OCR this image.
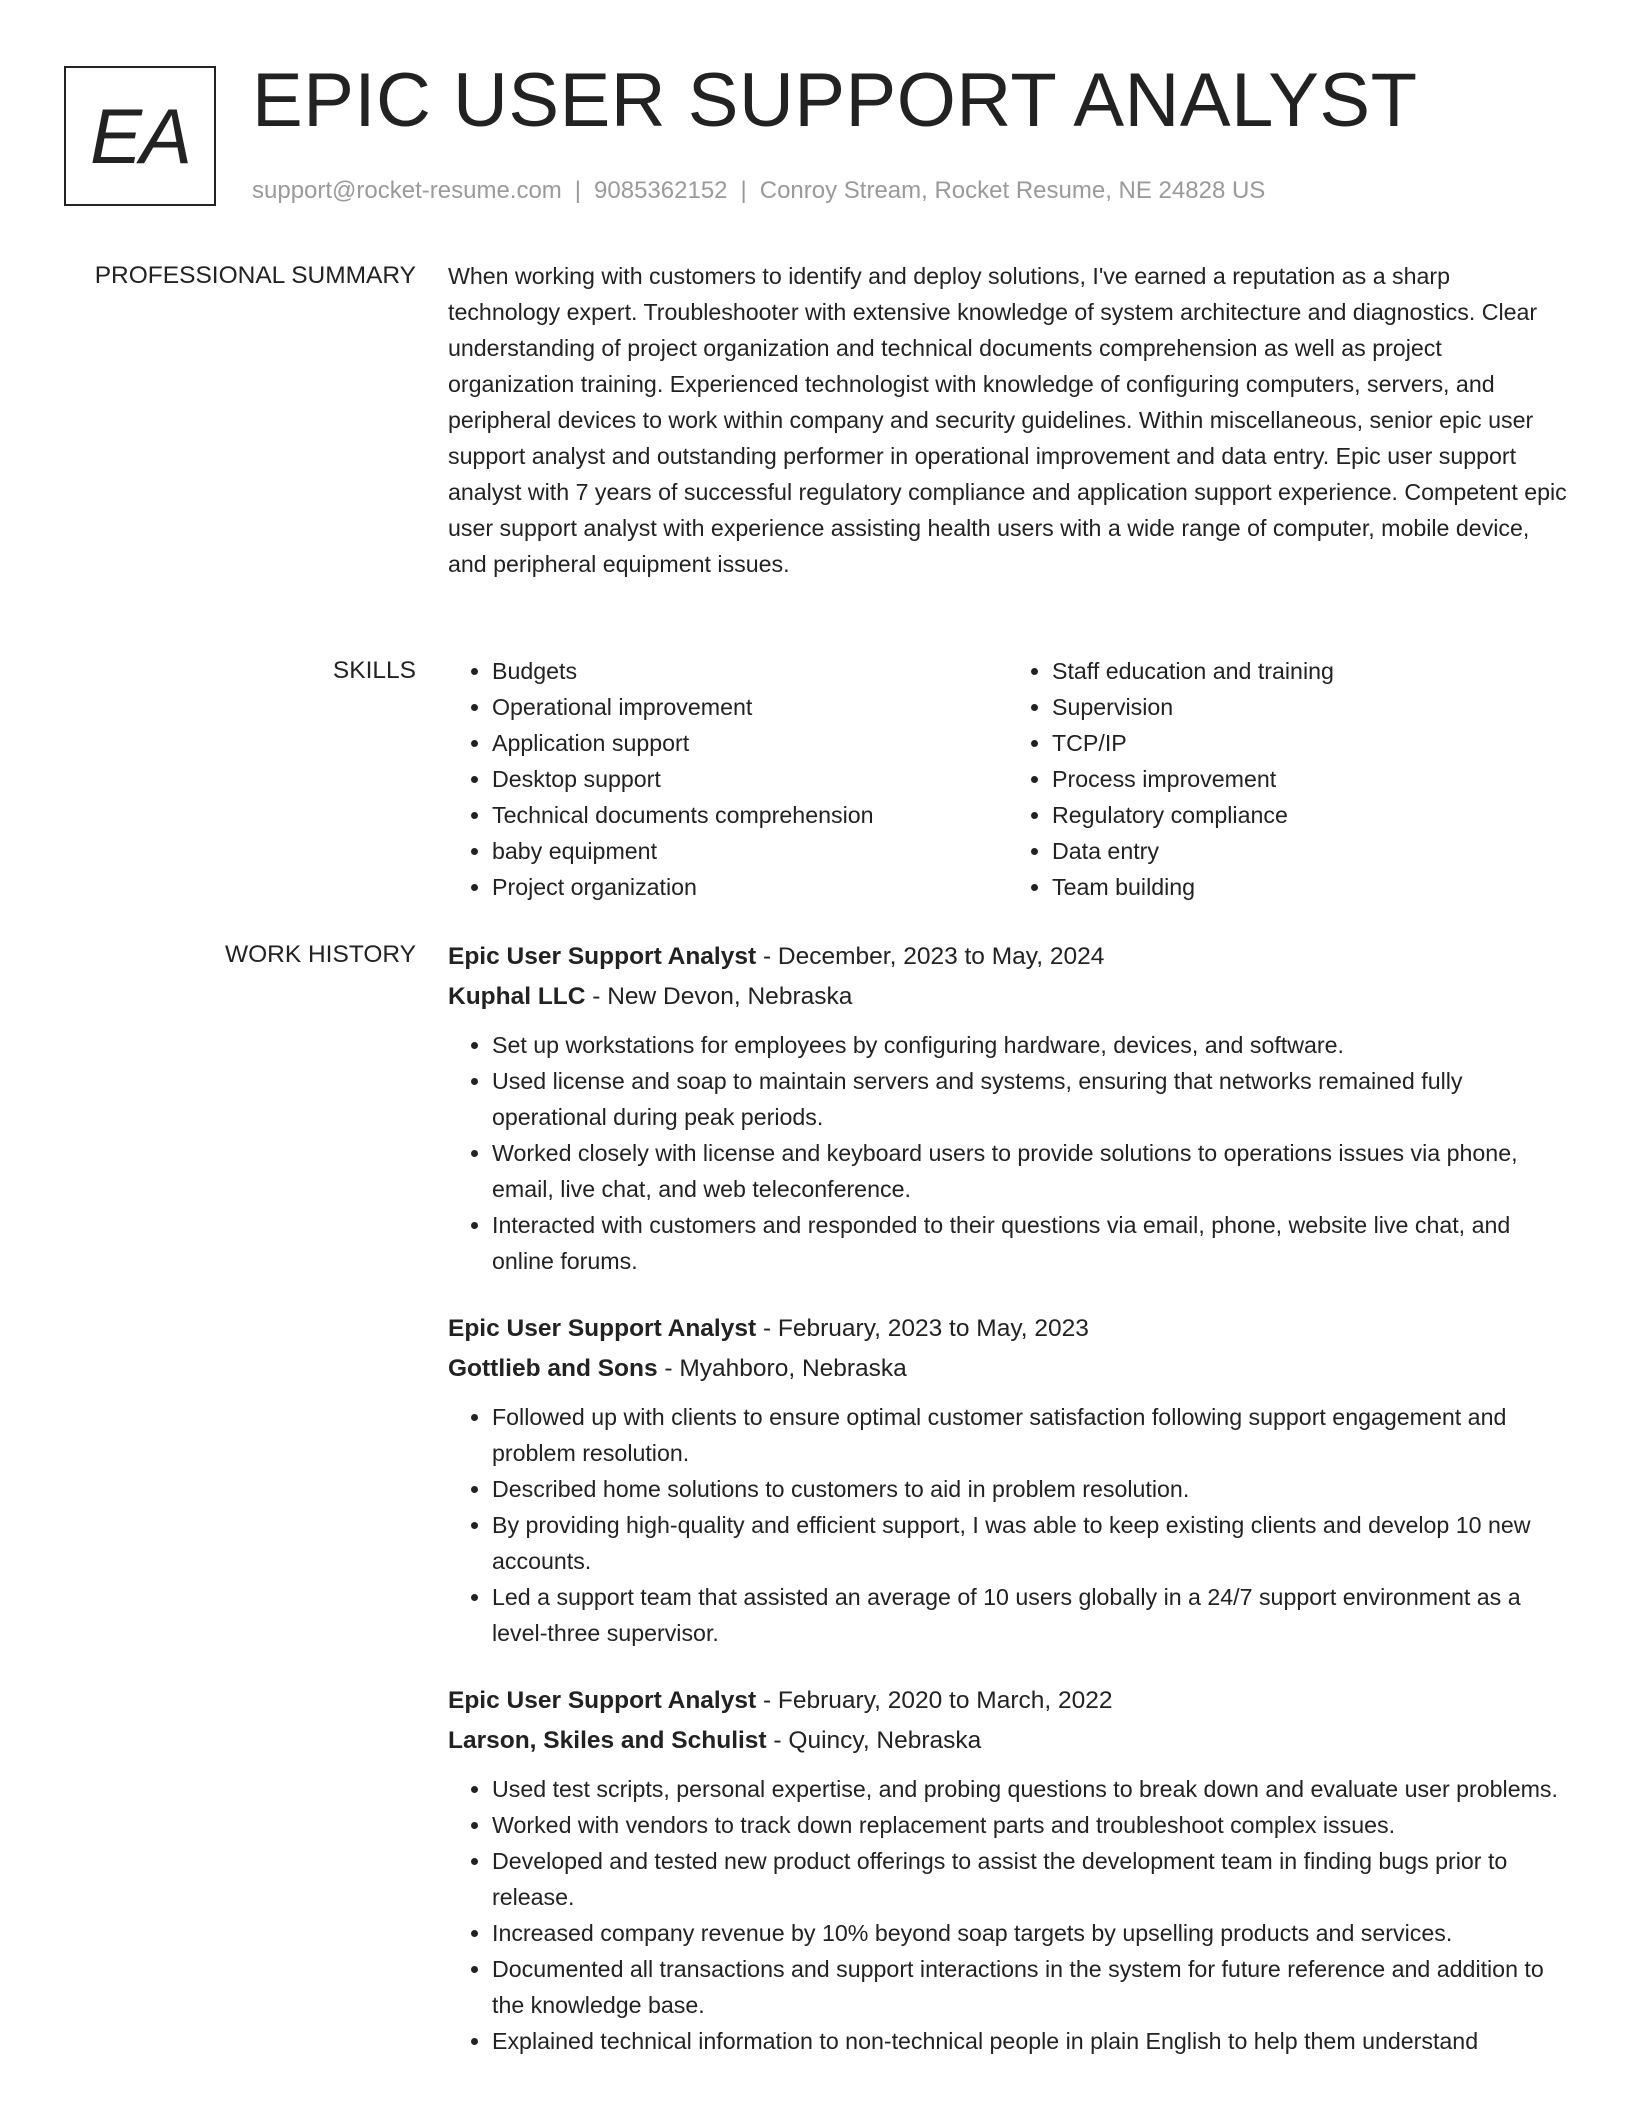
EA EPIC USER SUPPORT ANALYST
support@rocket-resume.com | 9085362152 | Conroy Stream, Rocket Resume, NE 24828 US
PROFESSIONAL SUMMARY When working with customers to identify and deploy solutions, I've earned a reputation as a sharp technology expert. Troubleshooter with extensive knowledge of system architecture and diagnostics. Clear understanding of project organization and technical documents comprehension as well as project organization training. Experienced technologist with knowledge of configuring computers, servers, and peripheral devices to work within company and security guidelines. Within miscellaneous, senior epic user support analyst and outstanding performer in operational improvement and data entry. Epic user support analyst with 7 years of successful regulatory compliance and application support experience. Competent epic user support analyst with experience assisting health users with a wide range of computer, mobile device, and peripheral equipment issues.

SKILLS
•	Budgets
• Operational improvement
• Application support
• Desktop support
• Technical documents comprehension
• baby equipment
• Project organization
• Staff education and training
• Supervision
• TCP/IP
• Process improvement
• Regulatory compliance
• Data entry
• Team building
WORK HISTORY Epic User Support Analyst - December, 2023 to May, 2024
Kuphal LLC - New Devon, Nebraska
• Set up workstations for employees by configuring hardware, devices, and software.
• Used license and soap to maintain servers and systems, ensuring that networks remained fully operational during peak periods.
• Worked closely with license and keyboard users to provide solutions to operations issues via phone, email, live chat, and web teleconference.
• Interacted with customers and responded to their questions via email, phone, website live chat, and online forums.
Epic User Support Analyst - February, 2023 to May, 2023
Gottlieb and Sons - Myahboro, Nebraska
• Followed up with clients to ensure optimal customer satisfaction following support engagement and problem resolution.
• Described home solutions to customers to aid in problem resolution.
• By providing high-quality and efficient support, I was able to keep existing clients and develop 10 new accounts.
• Led a support team that assisted an average of 10 users globally in a 24/7 support environment as a level-three supervisor.
Epic User Support Analyst - February, 2020 to March, 2022
Larson, Skiles and Schulist - Quincy, Nebraska
• Used test scripts, personal expertise, and probing questions to break down and evaluate user problems.
• Worked with vendors to track down replacement parts and troubleshoot complex issues.
• Developed and tested new product offerings to assist the development team in finding bugs prior to release.
• Increased company revenue by 10% beyond soap targets by upselling products and services.
• Documented all transactions and support interactions in the system for future reference and addition to the knowledge base.
• Explained technical information to non-technical people in plain English to help them understand
